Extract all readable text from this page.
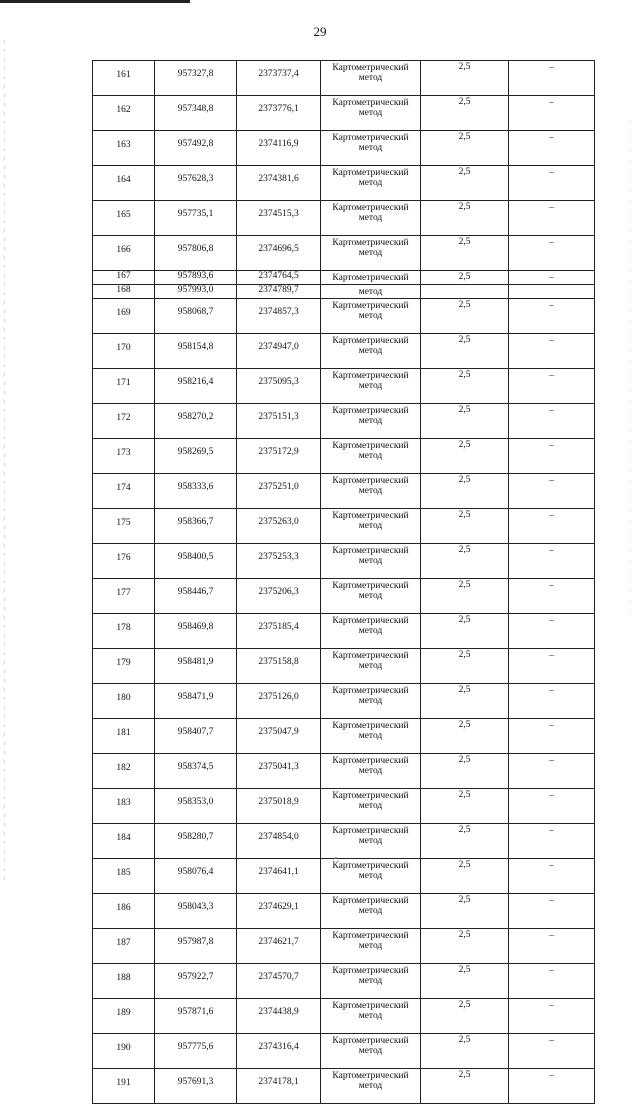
29
161	957327,8	2373737,4	Картометрический метод	2,5	–
162	957348,8	2373776,1	Картометрический метод	2,5	–
163	957492,8	2374116,9	Картометрический метод	2,5	–
164	957628,3	2374381,6	Картометрический метод	2,5	–
165	957735,1	2374515,3	Картометрический метод	2,5	–
166	957806,8	2374696,5	Картометрический метод	2,5	–
167	957893,6	2374764,5	Картометрический	2,5	–
168	957993,0	2374789,7	метод		
169	958068,7	2374857,3	Картометрический метод	2,5	–
170	958154,8	2374947,0	Картометрический метод	2,5	–
171	958216,4	2375095,3	Картометрический метод	2,5	–
172	958270,2	2375151,3	Картометрический метод	2,5	–
173	958269,5	2375172,9	Картометрический метод	2,5	–
174	958333,6	2375251,0	Картометрический метод	2,5	–
175	958366,7	2375263,0	Картометрический метод	2,5	–
176	958400,5	2375253,3	Картометрический метод	2,5	–
177	958446,7	2375206,3	Картометрический метод	2,5	–
178	958469,8	2375185,4	Картометрический метод	2,5	–
179	958481,9	2375158,8	Картометрический метод	2,5	–
180	958471,9	2375126,0	Картометрический метод	2,5	–
181	958407,7	2375047,9	Картометрический метод	2,5	–
182	958374,5	2375041,3	Картометрический метод	2,5	–
183	958353,0	2375018,9	Картометрический метод	2,5	–
184	958280,7	2374854,0	Картометрический метод	2,5	–
185	958076,4	2374641,1	Картометрический метод	2,5	–
186	958043,3	2374629,1	Картометрический метод	2,5	–
187	957987,8	2374621,7	Картометрический метод	2,5	–
188	957922,7	2374570,7	Картометрический метод	2,5	–
189	957871,6	2374438,9	Картометрический метод	2,5	–
190	957775,6	2374316,4	Картометрический метод	2,5	–
191	957691,3	2374178,1	Картометрический метод	2,5	–
